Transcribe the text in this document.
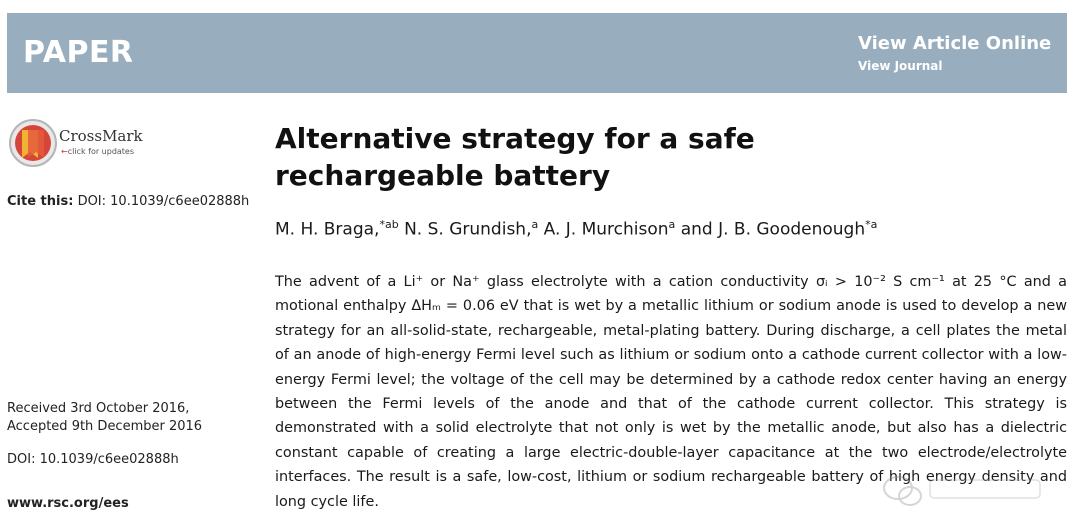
PAPER	View Article Online
View Journal
CrossMark
←click for updates
Cite this: DOI: 10.1039/c6ee02888h
Received 3rd October 2016,
Accepted 9th December 2016
DOI: 10.1039/c6ee02888h
www.rsc.org/ees
Alternative strategy for a safe
rechargeable battery
M. H. Braga,$^{*ab}$ N. S. Grundish,$^a$ A. J. Murchison$^a$ and J. B. Goodenough$^{*a}$

The advent of a Li⁺ or Na⁺ glass electrolyte with a cation conductivity σᵢ > 10⁻² S cm⁻¹ at 25 °C and a motional enthalpy ΔHₘ = 0.06 eV that is wet by a metallic lithium or sodium anode is used to develop a new strategy for an all-solid-state, rechargeable, metal-plating battery. During discharge, a cell plates the metal of an anode of high-energy Fermi level such as lithium or sodium onto a cathode current collector with a low-energy Fermi level; the voltage of the cell may be determined by a cathode redox center having an energy between the Fermi levels of the anode and that of the cathode current collector. This strategy is demonstrated with a solid electrolyte that not only is wet by the metallic anode, but also has a dielectric constant capable of creating a large electric-double-layer capacitance at the two electrode/electrolyte interfaces. The result is a safe, low-cost, lithium or sodium rechargeable battery of high energy density and long cycle life.
